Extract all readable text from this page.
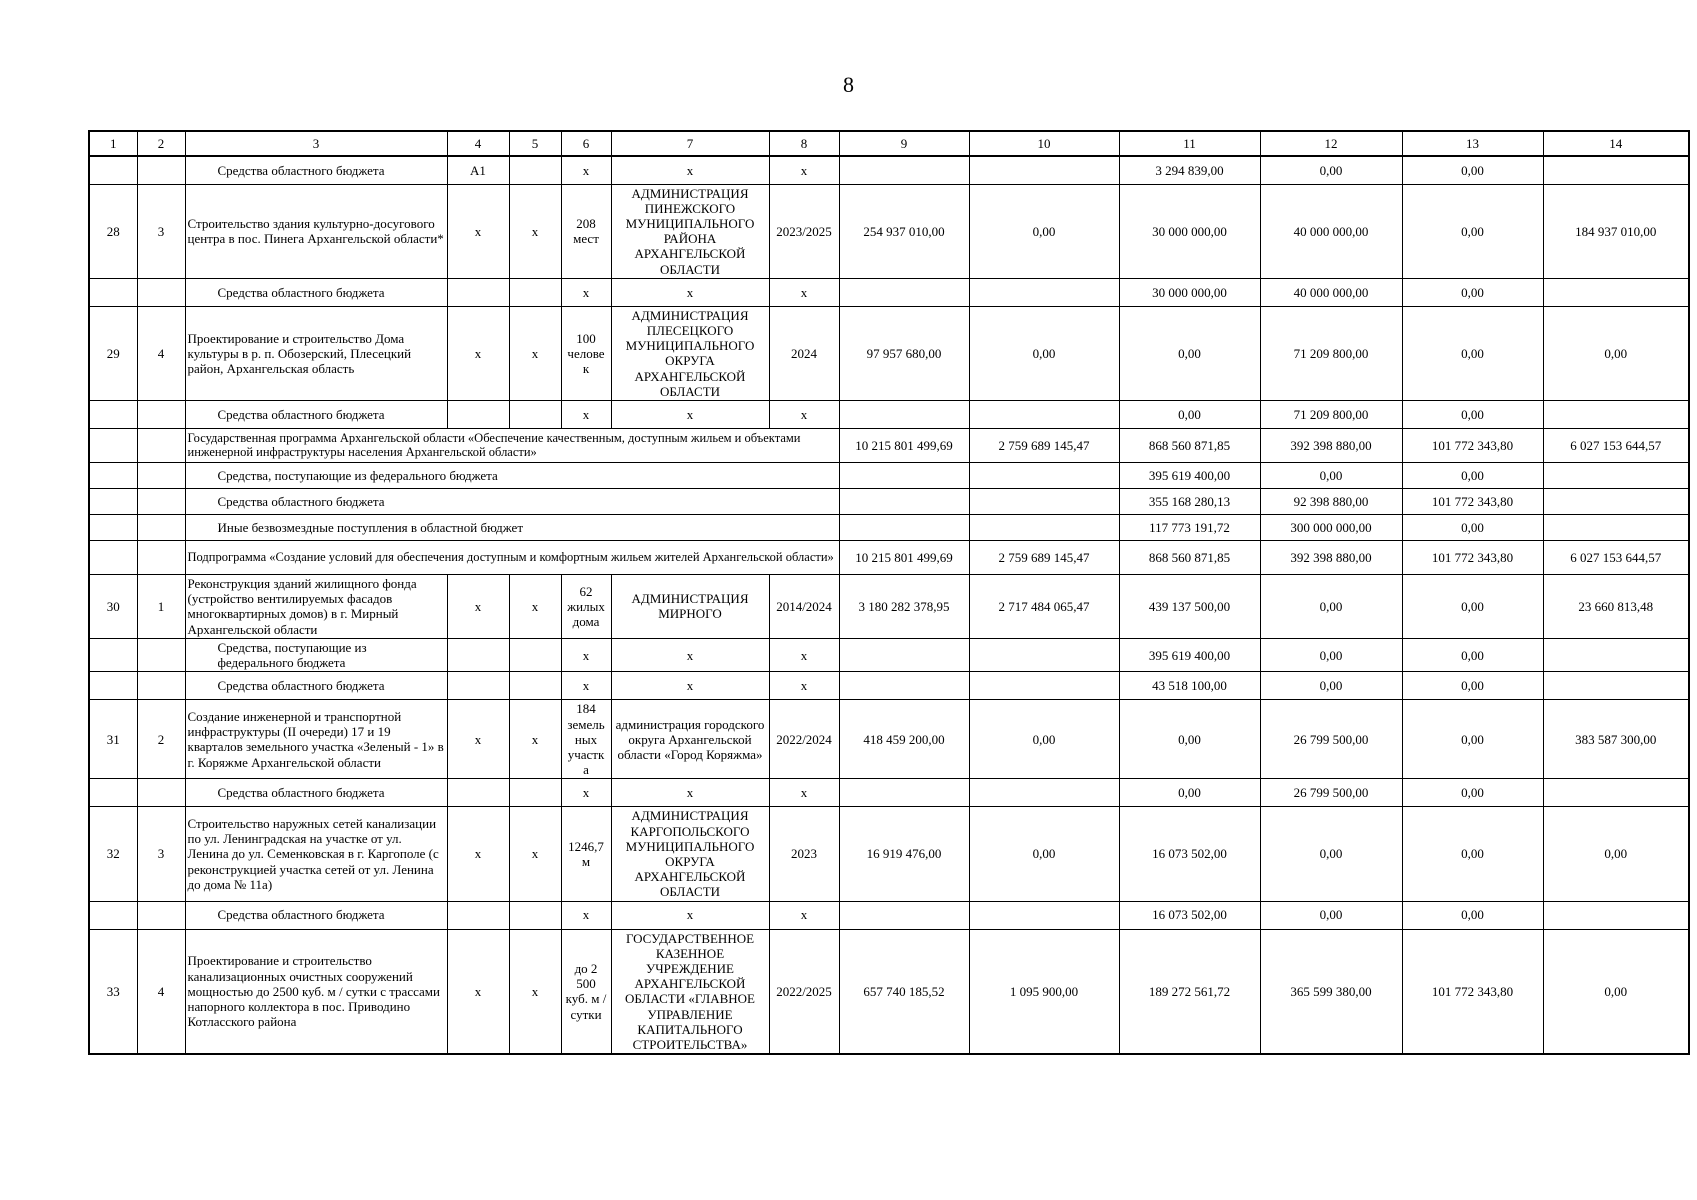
8
1	2	3	4	5	6	7	8	9	10	11	12	13	14
		Средства областного бюджета	А1		х	х	х			3 294 839,00	0,00	0,00	
28	3	Строительство здания культурно-досугового центра в пос. Пинега Архангельской области*	х	х	208 мест	АДМИНИСТРАЦИЯ ПИНЕЖСКОГО МУНИЦИПАЛЬНОГО РАЙОНА АРХАНГЕЛЬСКОЙ ОБЛАСТИ	2023/2025	254 937 010,00	0,00	30 000 000,00	40 000 000,00	0,00	184 937 010,00
		Средства областного бюджета			х	х	х			30 000 000,00	40 000 000,00	0,00	
29	4	Проектирование и строительство Дома культуры в р. п. Обозерский, Плесецкий район, Архангельская область	х	х	100 челове к	АДМИНИСТРАЦИЯ ПЛЕСЕЦКОГО МУНИЦИПАЛЬНОГО ОКРУГА АРХАНГЕЛЬСКОЙ ОБЛАСТИ	2024	97 957 680,00	0,00	0,00	71 209 800,00	0,00	0,00
		Средства областного бюджета			х	х	х			0,00	71 209 800,00	0,00	
		Государственная программа Архангельской области «Обеспечение качественным, доступным жильем и объектами инженерной инфраструктуры населения Архангельской области»						10 215 801 499,69	2 759 689 145,47	868 560 871,85	392 398 880,00	101 772 343,80	6 027 153 644,57
		Средства, поступающие из федерального бюджета								395 619 400,00	0,00	0,00	
		Средства областного бюджета								355 168 280,13	92 398 880,00	101 772 343,80	
		Иные безвозмездные поступления в областной бюджет								117 773 191,72	300 000 000,00	0,00	
		Подпрограмма «Создание условий для обеспечения доступным и комфортным жильем жителей Архангельской области»						10 215 801 499,69	2 759 689 145,47	868 560 871,85	392 398 880,00	101 772 343,80	6 027 153 644,57
30	1	Реконструкция зданий жилищного фонда (устройство вентилируемых фасадов многоквартирных домов) в г. Мирный Архангельской области	х	х	62 жилых дома	АДМИНИСТРАЦИЯ МИРНОГО	2014/2024	3 180 282 378,95	2 717 484 065,47	439 137 500,00	0,00	0,00	23 660 813,48
		Средства, поступающие из федерального бюджета			х	х	х			395 619 400,00	0,00	0,00	
		Средства областного бюджета			х	х	х			43 518 100,00	0,00	0,00	
31	2	Создание инженерной и транспортной инфраструктуры (II очереди) 17 и 19 кварталов земельного участка «Зеленый - 1» в г. Коряжме Архангельской области	х	х	184 земель ных участк а	администрация городского округа Архангельской области «Город Коряжма»	2022/2024	418 459 200,00	0,00	0,00	26 799 500,00	0,00	383 587 300,00
		Средства областного бюджета			х	х	х			0,00	26 799 500,00	0,00	
32	3	Строительство наружных сетей канализации по ул. Ленинградская на участке от ул. Ленина до ул. Семенковская в г. Каргополе (с реконструкцией участка сетей от ул. Ленина до дома № 11а)	х	х	1246,7 м	АДМИНИСТРАЦИЯ КАРГОПОЛЬСКОГО МУНИЦИПАЛЬНОГО ОКРУГА АРХАНГЕЛЬСКОЙ ОБЛАСТИ	2023	16 919 476,00	0,00	16 073 502,00	0,00	0,00	0,00
		Средства областного бюджета			х	х	х			16 073 502,00	0,00	0,00	
33	4	Проектирование и строительство канализационных очистных сооружений мощностью до 2500 куб. м / сутки с трассами напорного коллектора в пос. Приводино Котласского района	х	х	до 2 500 куб. м / сутки	ГОСУДАРСТВЕННОЕ КАЗЕННОЕ УЧРЕЖДЕНИЕ АРХАНГЕЛЬСКОЙ ОБЛАСТИ «ГЛАВНОЕ УПРАВЛЕНИЕ КАПИТАЛЬНОГО СТРОИТЕЛЬСТВА»	2022/2025	657 740 185,52	1 095 900,00	189 272 561,72	365 599 380,00	101 772 343,80	0,00
